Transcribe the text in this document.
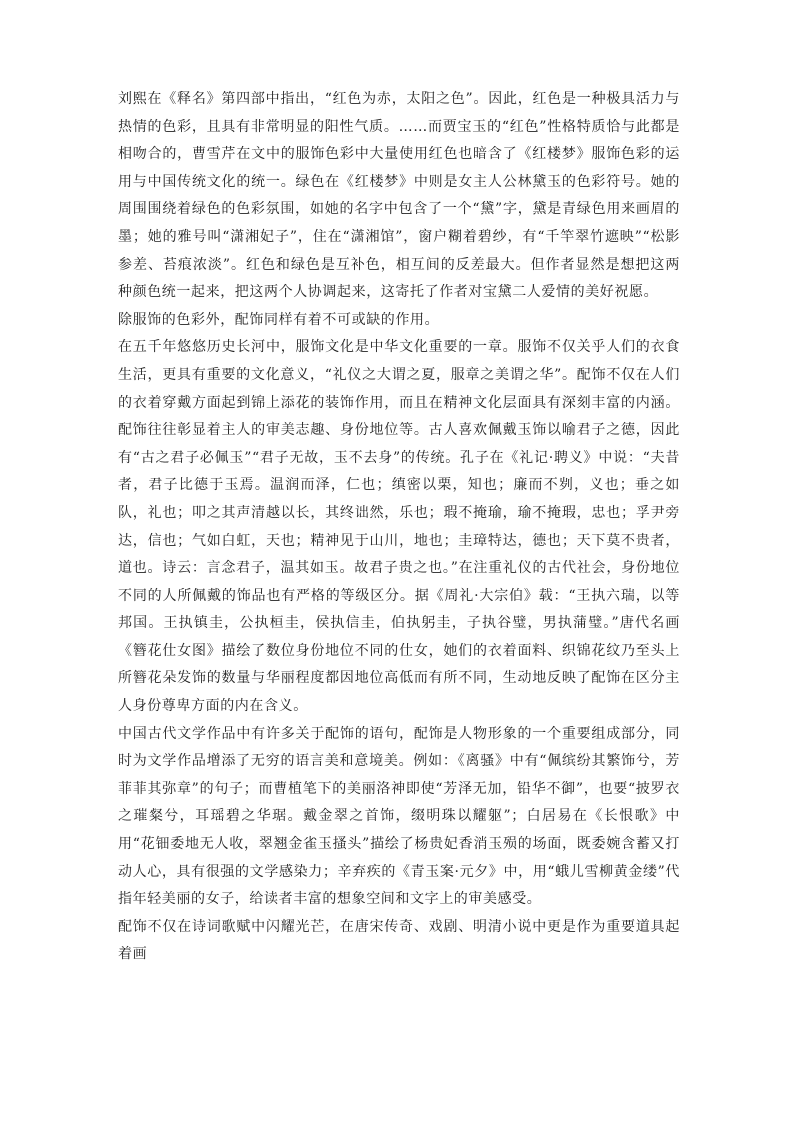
刘熙在《释名》第四部中指出，“红色为赤，太阳之色”。因此，红色是一种极具活力与热情的色彩，且具有非常明显的阳性气质。……而贾宝玉的“红色”性格特质恰与此都是相吻合的，曹雪芹在文中的服饰色彩中大量使用红色也暗含了《红楼梦》服饰色彩的运用与中国传统文化的统一。绿色在《红楼梦》中则是女主人公林黛玉的色彩符号。她的周围围绕着绿色的色彩氛围，如她的名字中包含了一个“黛”字，黛是青绿色用来画眉的墨；她的雅号叫“潇湘妃子”，住在“潇湘馆”，窗户糊着碧纱，有“千竿翠竹遮映”“松影参差、苔痕浓淡”。红色和绿色是互补色，相互间的反差最大。但作者显然是想把这两种颜色统一起来，把这两个人协调起来，这寄托了作者对宝黛二人爱情的美好祝愿。

除服饰的色彩外，配饰同样有着不可或缺的作用。

在五千年悠悠历史长河中，服饰文化是中华文化重要的一章。服饰不仅关乎人们的衣食生活，更具有重要的文化意义，“礼仪之大谓之夏，服章之美谓之华”。配饰不仅在人们的衣着穿戴方面起到锦上添花的装饰作用，而且在精神文化层面具有深刻丰富的内涵。配饰往往彰显着主人的审美志趣、身份地位等。古人喜欢佩戴玉饰以喻君子之德，因此有“古之君子必佩玉”“君子无故，玉不去身”的传统。孔子在《礼记·聘义》中说：“夫昔者，君子比德于玉焉。温润而泽，仁也；缜密以栗，知也；廉而不刿，义也；垂之如队，礼也；叩之其声清越以长，其终诎然，乐也；瑕不掩瑜，瑜不掩瑕，忠也；孚尹旁达，信也；气如白虹，天也；精神见于山川，地也；圭璋特达，德也；天下莫不贵者，道也。诗云：言念君子，温其如玉。故君子贵之也。”在注重礼仪的古代社会，身份地位不同的人所佩戴的饰品也有严格的等级区分。据《周礼·大宗伯》载：“王执六瑞，以等邦国。王执镇圭，公执桓圭，侯执信圭，伯执躬圭，子执谷璧，男执蒲璧。”唐代名画《簪花仕女图》描绘了数位身份地位不同的仕女，她们的衣着面料、织锦花纹乃至头上所簪花朵发饰的数量与华丽程度都因地位高低而有所不同，生动地反映了配饰在区分主人身份尊卑方面的内在含义。

中国古代文学作品中有许多关于配饰的语句，配饰是人物形象的一个重要组成部分，同时为文学作品增添了无穷的语言美和意境美。例如：《离骚》中有“佩缤纷其繁饰兮，芳菲菲其弥章”的句子；而曹植笔下的美丽洛神即使“芳泽无加，铅华不御”，也要“披罗衣之璀粲兮，耳瑶碧之华琚。戴金翠之首饰，缀明珠以耀躯”；白居易在《长恨歌》中用“花钿委地无人收，翠翘金雀玉搔头”描绘了杨贵妃香消玉殒的场面，既委婉含蓄又打动人心，具有很强的文学感染力；辛弃疾的《青玉案·元夕》中，用“蛾儿雪柳黄金缕”代指年轻美丽的女子，给读者丰富的想象空间和文字上的审美感受。

配饰不仅在诗词歌赋中闪耀光芒，在唐宋传奇、戏剧、明清小说中更是作为重要道具起着画
